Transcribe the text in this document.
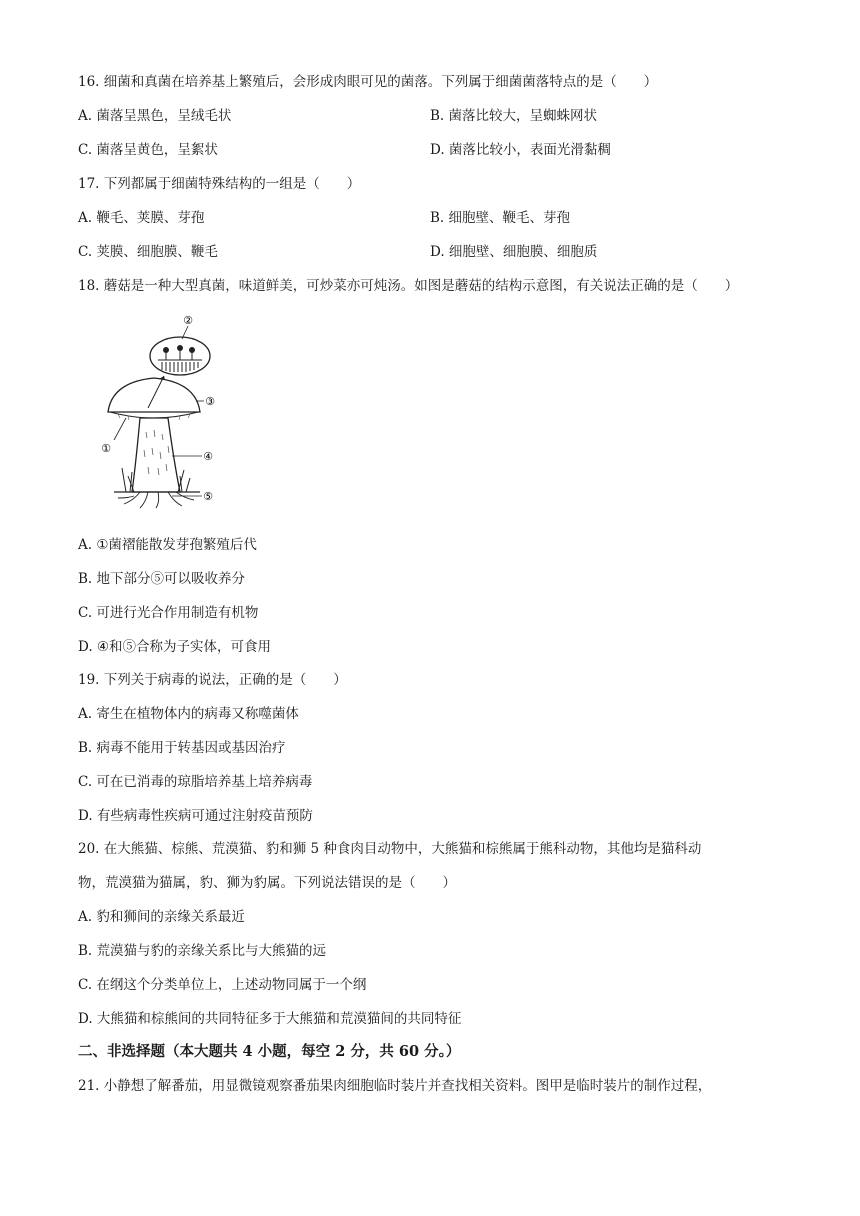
16. 细菌和真菌在培养基上繁殖后，会形成肉眼可见的菌落。下列属于细菌菌落特点的是（　　）
A. 菌落呈黑色，呈绒毛状	B. 菌落比较大，呈蜘蛛网状
C. 菌落呈黄色，呈絮状	D. 菌落比较小，表面光滑黏稠
17. 下列都属于细菌特殊结构的一组是（　　）
A. 鞭毛、荚膜、芽孢	B. 细胞壁、鞭毛、芽孢
C. 荚膜、细胞膜、鞭毛	D. 细胞壁、细胞膜、细胞质
18. 蘑菇是一种大型真菌，味道鲜美，可炒菜亦可炖汤。如图是蘑菇的结构示意图，有关说法正确的是（　　）
②
③
①
④
⑤
A. ①菌褶能散发芽孢繁殖后代
B. 地下部分⑤可以吸收养分
C. 可进行光合作用制造有机物
D. ④和⑤合称为子实体，可食用
19. 下列关于病毒的说法，正确的是（　　）
A. 寄生在植物体内的病毒又称噬菌体
B. 病毒不能用于转基因或基因治疗
C. 可在已消毒的琼脂培养基上培养病毒
D. 有些病毒性疾病可通过注射疫苗预防
20. 在大熊猫、棕熊、荒漠猫、豹和狮 5 种食肉目动物中，大熊猫和棕熊属于熊科动物，其他均是猫科动
物，荒漠猫为猫属，豹、狮为豹属。下列说法错误的是（　　）
A. 豹和狮间的亲缘关系最近
B. 荒漠猫与豹的亲缘关系比与大熊猫的远
C. 在纲这个分类单位上，上述动物同属于一个纲
D. 大熊猫和棕熊间的共同特征多于大熊猫和荒漠猫间的共同特征
二、非选择题（本大题共 4 小题，每空 2 分，共 60 分。）
21. 小静想了解番茄，用显微镜观察番茄果肉细胞临时装片并查找相关资料。图甲是临时装片的制作过程，
